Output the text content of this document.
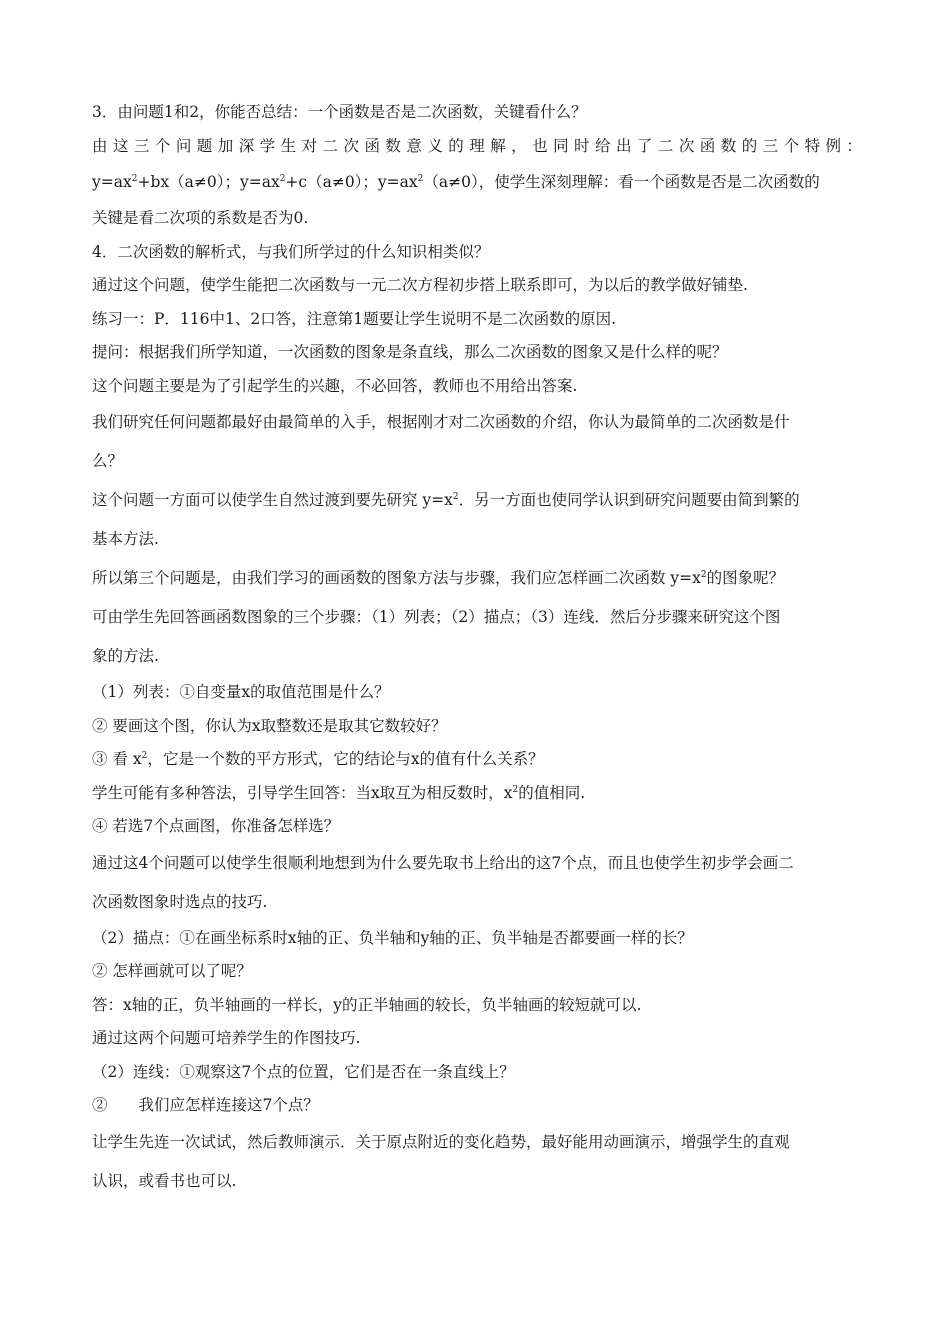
3．由问题1和2，你能否总结：一个函数是否是二次函数，关键看什么？
由这三个问题加深学生对二次函数意义的理解，也同时给出了二次函数的三个特例：
$y=ax^2+bx(a\ne 0)$；$y=ax^2+c(a\ne 0)$；$y=ax^2(a\ne 0)$，使学生深刻理解：看一个函数是否是二次函数的
关键是看二次项的系数是否为0.
4．二次函数的解析式，与我们所学过的什么知识相类似？
通过这个问题，使学生能把二次函数与一元二次方程初步搭上联系即可，为以后的教学做好铺垫.
练习一：P．116中1、2口答，注意第1题要让学生说明不是二次函数的原因.
提问：根据我们所学知道，一次函数的图象是条直线，那么二次函数的图象又是什么样的呢？
这个问题主要是为了引起学生的兴趣，不必回答，教师也不用给出答案.
我们研究任何问题都最好由最简单的入手，根据刚才对二次函数的介绍，你认为最简单的二次函数是什
么？
这个问题一方面可以使学生自然过渡到要先研究 $y=x^2$．另一方面也使同学认识到研究问题要由简到繁的
基本方法.
所以第三个问题是，由我们学习的画函数的图象方法与步骤，我们应怎样画二次函数 $y=x^2$的图象呢？
可由学生先回答画函数图象的三个步骤：（1）列表；（2）描点；（3）连线．然后分步骤来研究这个图
象的方法.
（1）列表：①自变量x的取值范围是什么？
② 要画这个图，你认为x取整数还是取其它数较好？
③ 看 $x^2$，它是一个数的平方形式，它的结论与x的值有什么关系？
学生可能有多种答法，引导学生回答：当x取互为相反数时，$x^2$的值相同.
④ 若选7个点画图，你准备怎样选？
通过这4个问题可以使学生很顺利地想到为什么要先取书上给出的这7个点，而且也使学生初步学会画二
次函数图象时选点的技巧.
（2）描点：①在画坐标系时x轴的正、负半轴和y轴的正、负半轴是否都要画一样的长？
② 怎样画就可以了呢？
答：x轴的正，负半轴画的一样长，y的正半轴画的较长，负半轴画的较短就可以.
通过这两个问题可培养学生的作图技巧.
（2）连线：①观察这7个点的位置，它们是否在一条直线上？
②　　我们应怎样连接这7个点？
让学生先连一次试试，然后教师演示．关于原点附近的变化趋势，最好能用动画演示，增强学生的直观
认识，或看书也可以.
